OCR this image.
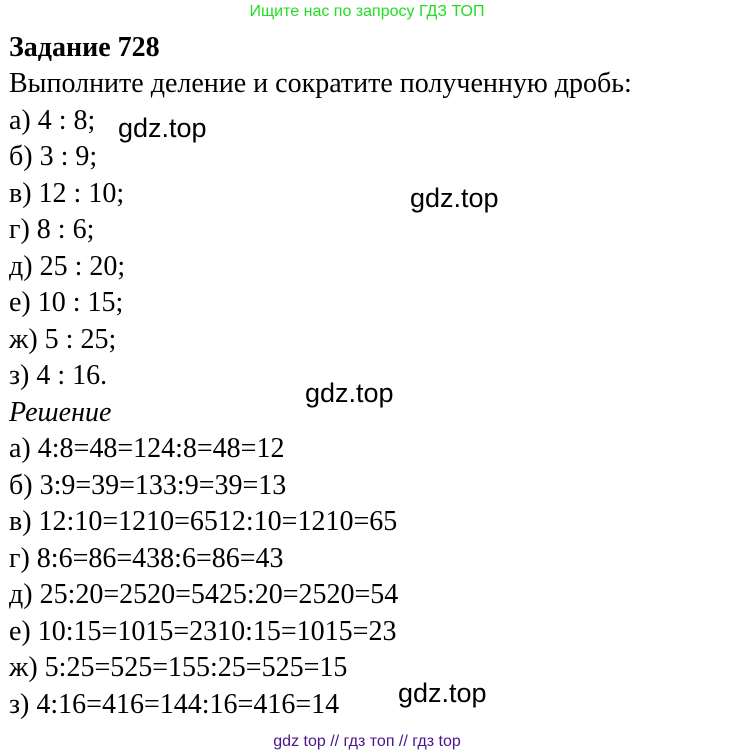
Ищите нас по запросу ГДЗ ТОП

Задание 728

Выполните деление и сократите полученную дробь:

а) 4 : 8;

б) 3 : 9;

в) 12 : 10;

г) 8 : 6;

д) 25 : 20;

е) 10 : 15;

ж) 5 : 25;

з) 4 : 16.

Решение

а) 4:8=48=124:8=48=12

б) 3:9=39=133:9=39=13

в) 12:10=1210=6512:10=1210=65

г) 8:6=86=438:6=86=43

д) 25:20=2520=5425:20=2520=54

е) 10:15=1015=2310:15=1015=23

ж) 5:25=525=155:25=525=15

з) 4:16=416=144:16=416=14

gdz.top
gdz.top
gdz.top
gdz.top
gdz top // гдз топ // гдз top
